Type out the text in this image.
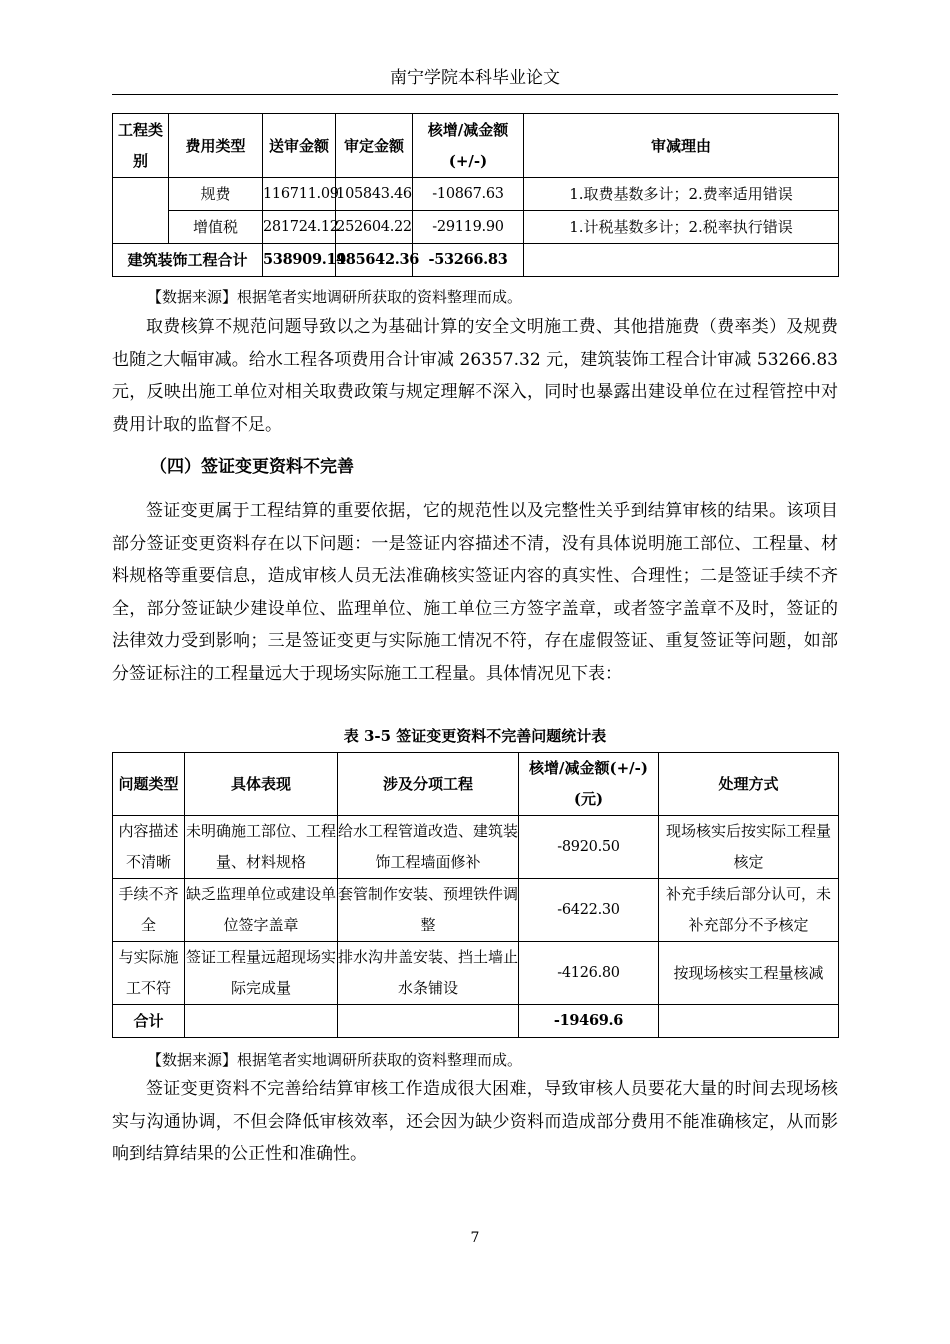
南宁学院本科毕业论文
工程类别	费用类型	送审金额	审定金额	核增/减金额(+/-)	审减理由
	规费	116711.09	105843.46	-10867.63	1.取费基数多计；2.费率适用错误
	增值税	281724.12	252604.22	-29119.90	1.计税基数多计；2.税率执行错误
建筑装饰工程合计		538909.19	485642.36	-53266.83	
【数据来源】根据笔者实地调研所获取的资料整理而成。

取费核算不规范问题导致以之为基础计算的安全文明施工费、其他措施费（费率类）及规费也随之大幅审减。给水工程各项费用合计审减 26357.32 元，建筑装饰工程合计审减 53266.83 元，反映出施工单位对相关取费政策与规定理解不深入，同时也暴露出建设单位在过程管控中对费用计取的监督不足。

（四）签证变更资料不完善

签证变更属于工程结算的重要依据，它的规范性以及完整性关乎到结算审核的结果。该项目部分签证变更资料存在以下问题：一是签证内容描述不清，没有具体说明施工部位、工程量、材料规格等重要信息，造成审核人员无法准确核实签证内容的真实性、合理性；二是签证手续不齐全，部分签证缺少建设单位、监理单位、施工单位三方签字盖章，或者签字盖章不及时，签证的法律效力受到影响；三是签证变更与实际施工情况不符，存在虚假签证、重复签证等问题，如部分签证标注的工程量远大于现场实际施工工程量。具体情况见下表：

表 3-5 签证变更资料不完善问题统计表
问题类型	具体表现	涉及分项工程	核增/减金额(+/-)(元)	处理方式
内容描述不清晰	未明确施工部位、工程量、材料规格	给水工程管道改造、建筑装饰工程墙面修补	-8920.50	现场核实后按实际工程量核定
手续不齐全	缺乏监理单位或建设单位签字盖章	套管制作安装、预埋铁件调整	-6422.30	补充手续后部分认可，未补充部分不予核定
与实际施工不符	签证工程量远超现场实际完成量	排水沟井盖安装、挡土墙止水条铺设	-4126.80	按现场核实工程量核减
合计			-19469.6	
【数据来源】根据笔者实地调研所获取的资料整理而成。

签证变更资料不完善给结算审核工作造成很大困难，导致审核人员要花大量的时间去现场核实与沟通协调，不但会降低审核效率，还会因为缺少资料而造成部分费用不能准确核定，从而影响到结算结果的公正性和准确性。

7
